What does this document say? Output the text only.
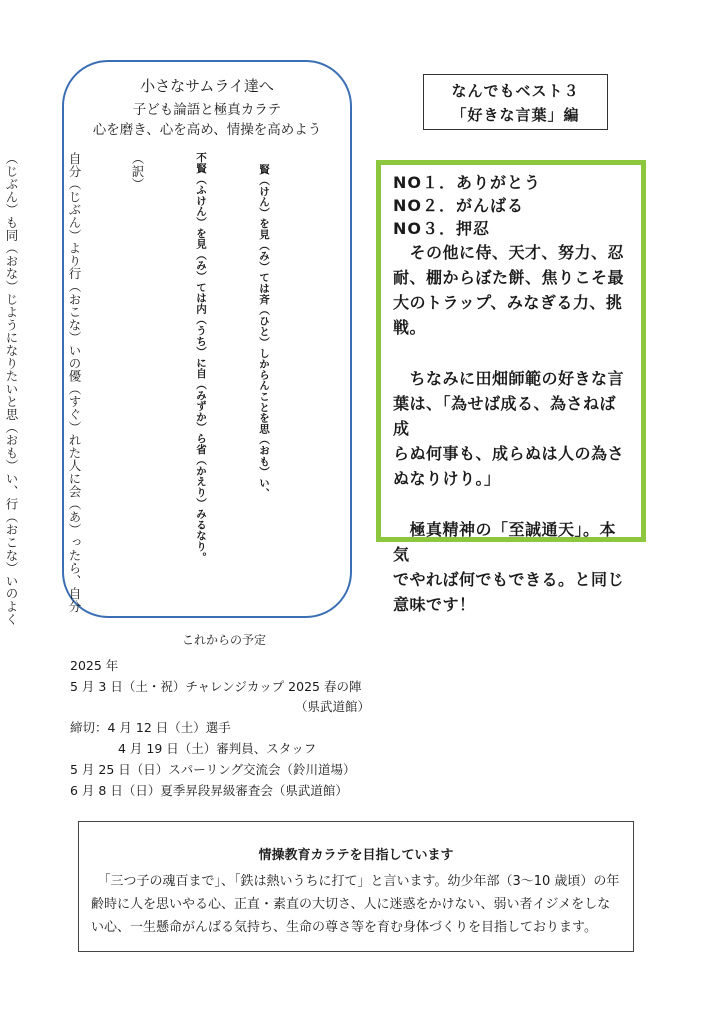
小さなサムライ達へ
子ども論語と極真カラテ
心を磨き、心を高め、情操を高めよう

賢（けん）を見（み）ては斉（ひと）しからんことを思（おも）い、

不賢（ふけん）を見（み）ては内（うち）に自（みずか）ら省（かえり）みるなり。

（訳）

自分（じぶん）より行（おこな）いの優（すぐ）れた人に会（あ）ったら、自分

（じぶん）も同（おな）じようになりたいと思（おも）い、行（おこな）いのよく

なんでもベスト３
「好きな言葉」編
NO１．ありがとう
NO２．がんばる
NO３．押忍
　その他に侍、天才、努力、忍
耐、棚からぼた餅、焦りこそ最
大のトラップ、みなぎる力、挑
戦。
　ちなみに田畑師範の好きな言
葉は、「為せば成る、為さねば成
らぬ何事も、成らぬは人の為さ
ぬなりけり。」
　極真精神の「至誠通天」。本気
でやれば何でもできる。と同じ
意味です！
これからの予定
2025 年
5 月 3 日（土・祝）チャレンジカップ 2025 春の陣
（県武道館）
締切：4 月 12 日（土）選手
4 月 19 日（土）審判員、スタッフ
5 月 25 日（日）スパーリング交流会（鈴川道場）
6 月 8 日（日）夏季昇段昇級審査会（県武道館）
情操教育カラテを目指しています
　「三つ子の魂百まで」、「鉄は熱いうちに打て」と言います。幼少年部（3～10 歳頃）の年
齢時に人を思いやる心、正直・素直の大切さ、人に迷惑をかけない、弱い者イジメをしな
い心、一生懸命がんばる気持ち、生命の尊さ等を育む身体づくりを目指しております。
